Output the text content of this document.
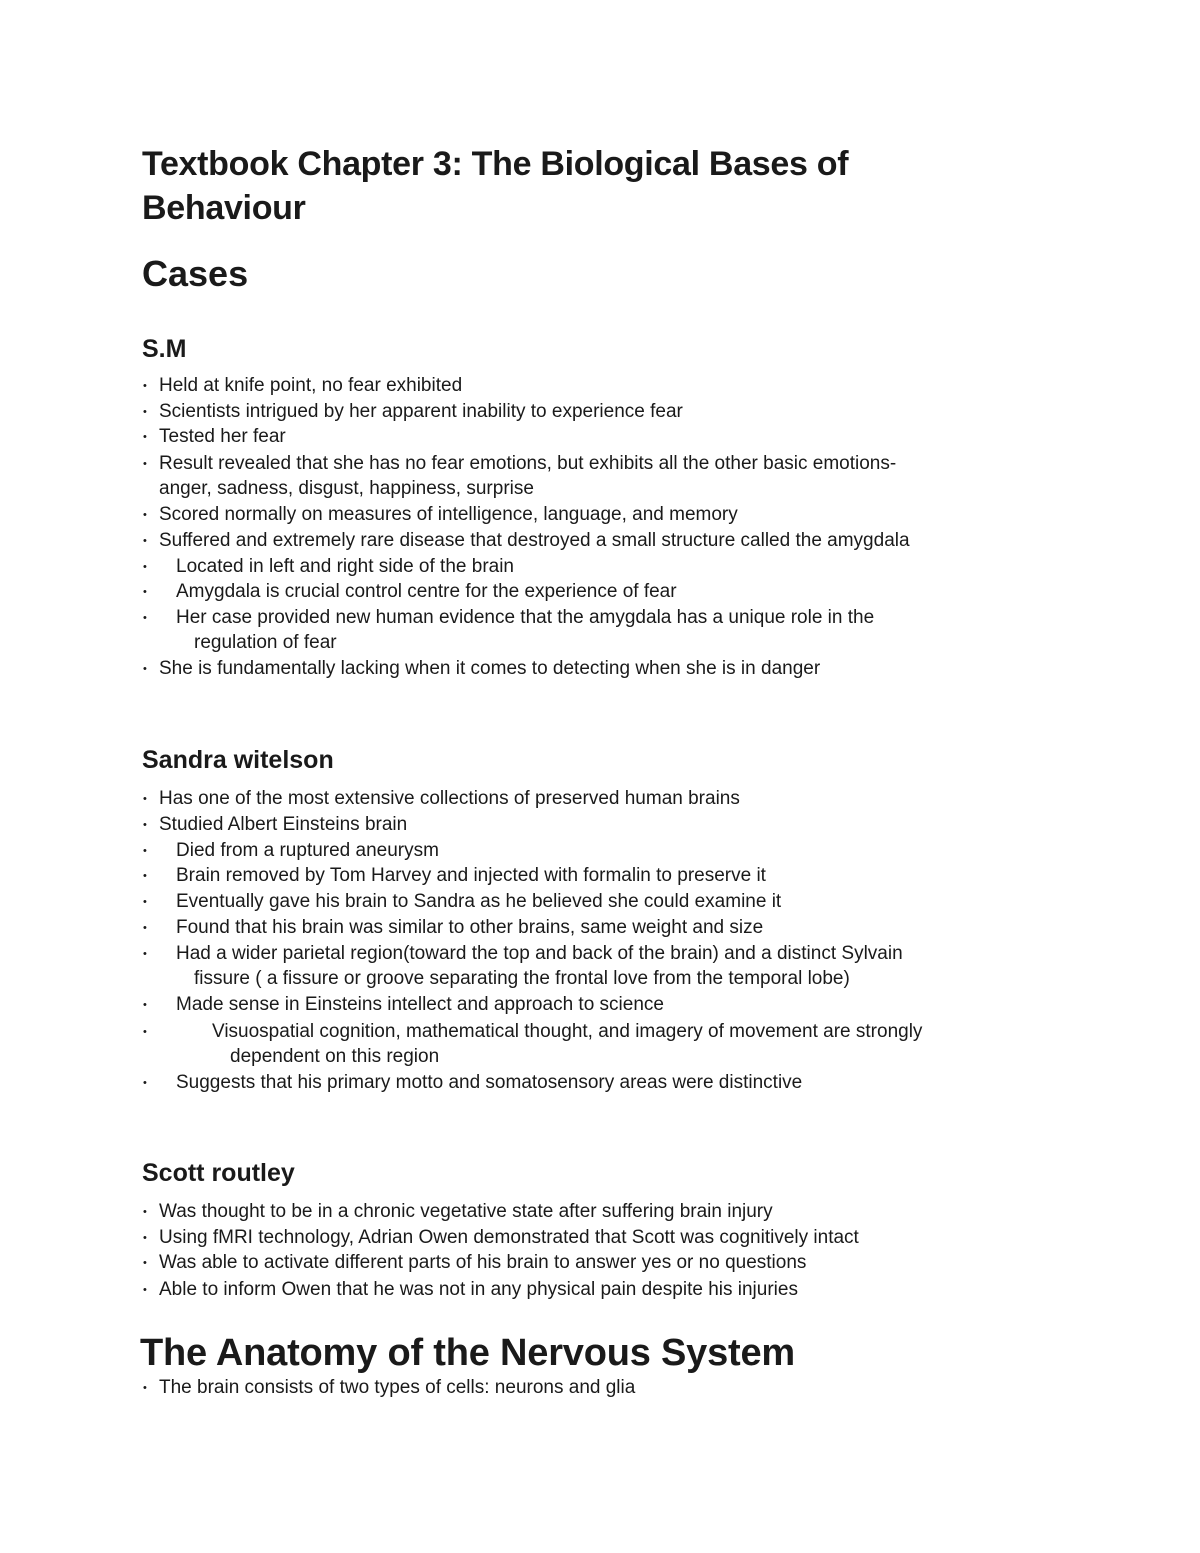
Textbook Chapter 3: The Biological Bases of
Behaviour
Cases
S.M
• Held at knife point, no fear exhibited

• Scientists intrigued by her apparent inability to experience fear

• Tested her fear

• Result revealed that she has no fear emotions, but exhibits all the other basic emotions-

anger, sadness, disgust, happiness, surprise

• Scored normally on measures of intelligence, language, and memory

• Suffered and extremely rare disease that destroyed a small structure called the amygdala

• Located in left and right side of the brain

• Amygdala is crucial control centre for the experience of fear

• Her case provided new human evidence that the amygdala has a unique role in the

regulation of fear

• She is fundamentally lacking when it comes to detecting when she is in danger

Sandra witelson
• Has one of the most extensive collections of preserved human brains

• Studied Albert Einsteins brain

• Died from a ruptured aneurysm

• Brain removed by Tom Harvey and injected with formalin to preserve it

• Eventually gave his brain to Sandra as he believed she could examine it

• Found that his brain was similar to other brains, same weight and size

• Had a wider parietal region(toward the top and back of the brain) and a distinct Sylvain

fissure ( a fissure or groove separating the frontal love from the temporal lobe)

• Made sense in Einsteins intellect and approach to science

•	Visuospatial cognition, mathematical thought, and imagery of movement are strongly

dependent on this region

• Suggests that his primary motto and somatosensory areas were distinctive

Scott routley
• Was thought to be in a chronic vegetative state after suffering brain injury

• Using fMRI technology, Adrian Owen demonstrated that Scott was cognitively intact

• Was able to activate different parts of his brain to answer yes or no questions

• Able to inform Owen that he was not in any physical pain despite his injuries

The Anatomy of the Nervous System
• The brain consists of two types of cells: neurons and glia
